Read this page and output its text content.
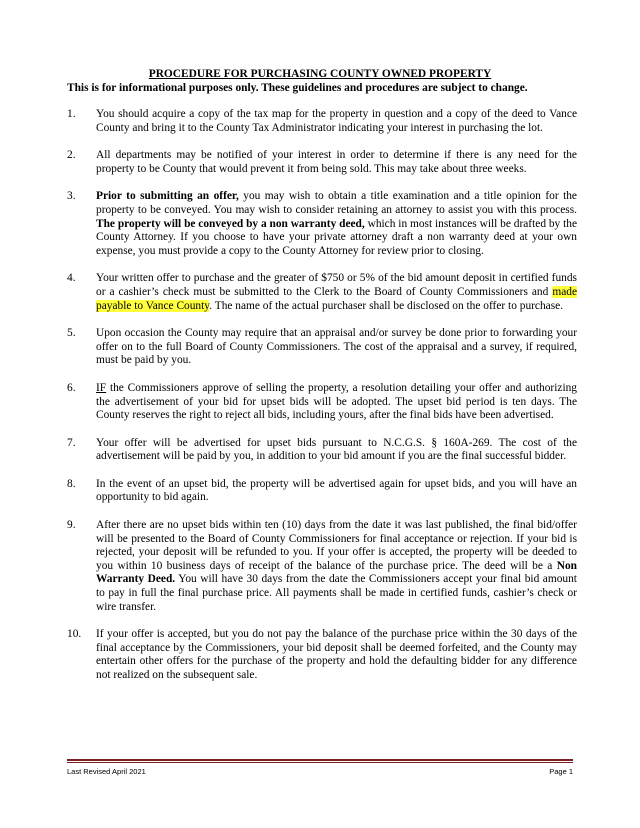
PROCEDURE FOR PURCHASING COUNTY OWNED PROPERTY
This is for informational purposes only. These guidelines and procedures are subject to change.
1. You should acquire a copy of the tax map for the property in question and a copy of the deed to Vance County and bring it to the County Tax Administrator indicating your interest in purchasing the lot.
2. All departments may be notified of your interest in order to determine if there is any need for the property to be County that would prevent it from being sold. This may take about three weeks.
3. Prior to submitting an offer, you may wish to obtain a title examination and a title opinion for the property to be conveyed. You may wish to consider retaining an attorney to assist you with this process. The property will be conveyed by a non warranty deed, which in most instances will be drafted by the County Attorney. If you choose to have your private attorney draft a non warranty deed at your own expense, you must provide a copy to the County Attorney for review prior to closing.
4. Your written offer to purchase and the greater of $750 or 5% of the bid amount deposit in certified funds or a cashier’s check must be submitted to the Clerk to the Board of County Commissioners and made payable to Vance County. The name of the actual purchaser shall be disclosed on the offer to purchase.
5. Upon occasion the County may require that an appraisal and/or survey be done prior to forwarding your offer on to the full Board of County Commissioners. The cost of the appraisal and a survey, if required, must be paid by you.
6. IF the Commissioners approve of selling the property, a resolution detailing your offer and authorizing the advertisement of your bid for upset bids will be adopted. The upset bid period is ten days. The County reserves the right to reject all bids, including yours, after the final bids have been advertised.
7. Your offer will be advertised for upset bids pursuant to N.C.G.S. § 160A-269. The cost of the advertisement will be paid by you, in addition to your bid amount if you are the final successful bidder.
8. In the event of an upset bid, the property will be advertised again for upset bids, and you will have an opportunity to bid again.
9. After there are no upset bids within ten (10) days from the date it was last published, the final bid/offer will be presented to the Board of County Commissioners for final acceptance or rejection. If your bid is rejected, your deposit will be refunded to you. If your offer is accepted, the property will be deeded to you within 10 business days of receipt of the balance of the purchase price. The deed will be a Non Warranty Deed. You will have 30 days from the date the Commissioners accept your final bid amount to pay in full the final purchase price. All payments shall be made in certified funds, cashier’s check or wire transfer.
10. If your offer is accepted, but you do not pay the balance of the purchase price within the 30 days of the final acceptance by the Commissioners, your bid deposit shall be deemed forfeited, and the County may entertain other offers for the purchase of the property and hold the defaulting bidder for any difference not realized on the subsequent sale.
Last Revised April 2021	Page 1
